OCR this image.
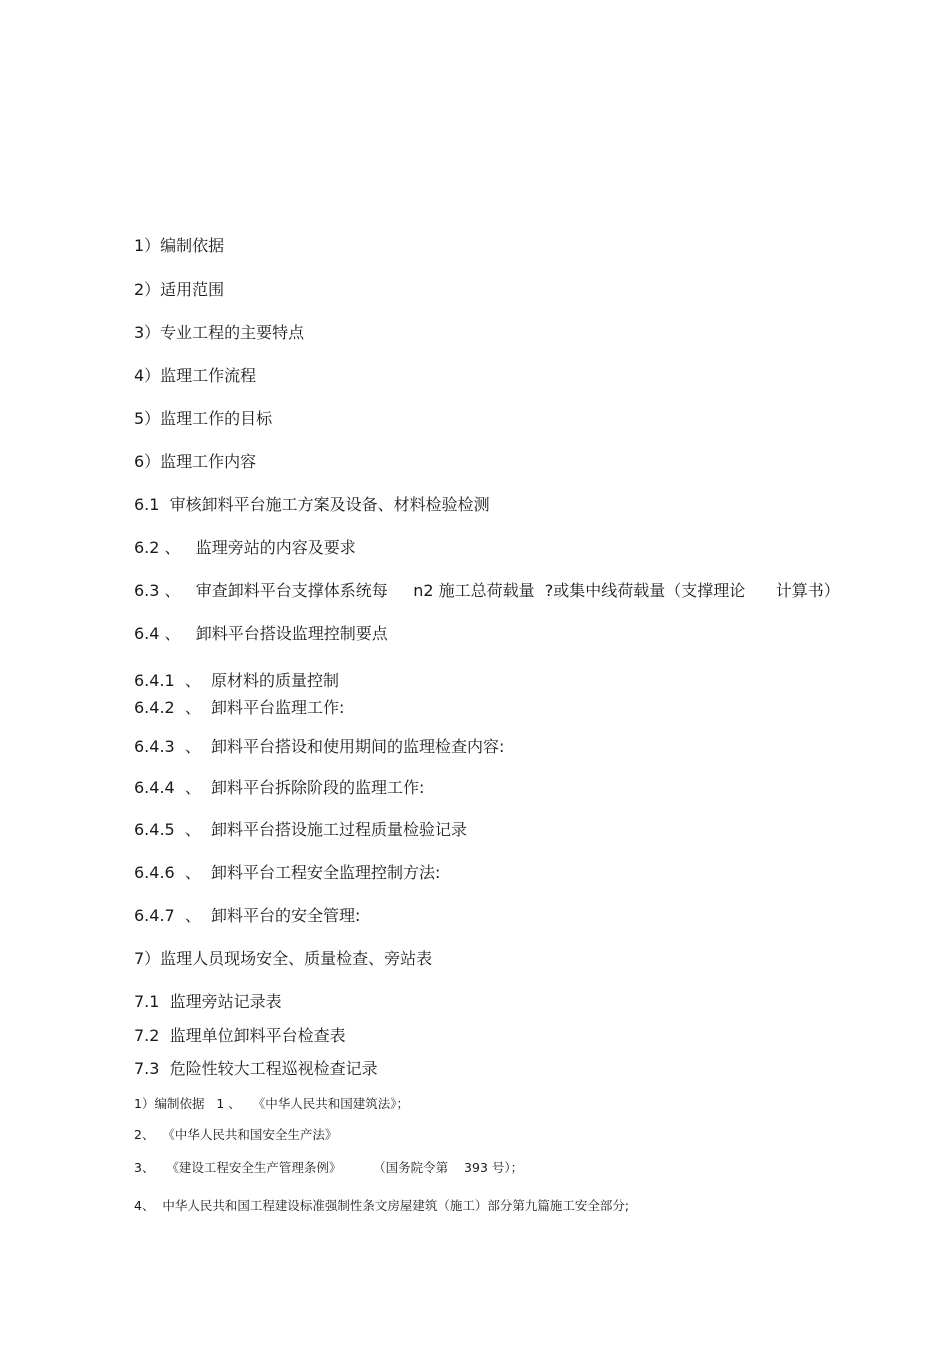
1）编制依据
2）适用范围
3）专业工程的主要特点
4）监理工作流程
5）监理工作的目标
6）监理工作内容
6.1  审核卸料平台施工方案及设备、材料检验检测
6.2 、   监理旁站的内容及要求
6.3 、   审查卸料平台支撑体系统每     n2 施工总荷载量  ?或集中线荷载量（支撑理论      计算书）
6.4 、   卸料平台搭设监理控制要点
6.4.1  、  原材料的质量控制
6.4.2  、  卸料平台监理工作:
6.4.3  、  卸料平台搭设和使用期间的监理检查内容:
6.4.4  、  卸料平台拆除阶段的监理工作:
6.4.5  、  卸料平台搭设施工过程质量检验记录
6.4.6  、  卸料平台工程安全监理控制方法:
6.4.7  、  卸料平台的安全管理:
7）监理人员现场安全、质量检查、旁站表
7.1  监理旁站记录表
7.2  监理单位卸料平台检查表
7.3  危险性较大工程巡视检查记录
1）编制依据   1 、   《中华人民共和国建筑法》；
2、  《中华人民共和国安全生产法》
3、   《建设工程安全生产管理条例》        （国务院令第    393 号）；
4、  中华人民共和国工程建设标准强制性条文房屋建筑（施工）部分第九篇施工安全部分;
